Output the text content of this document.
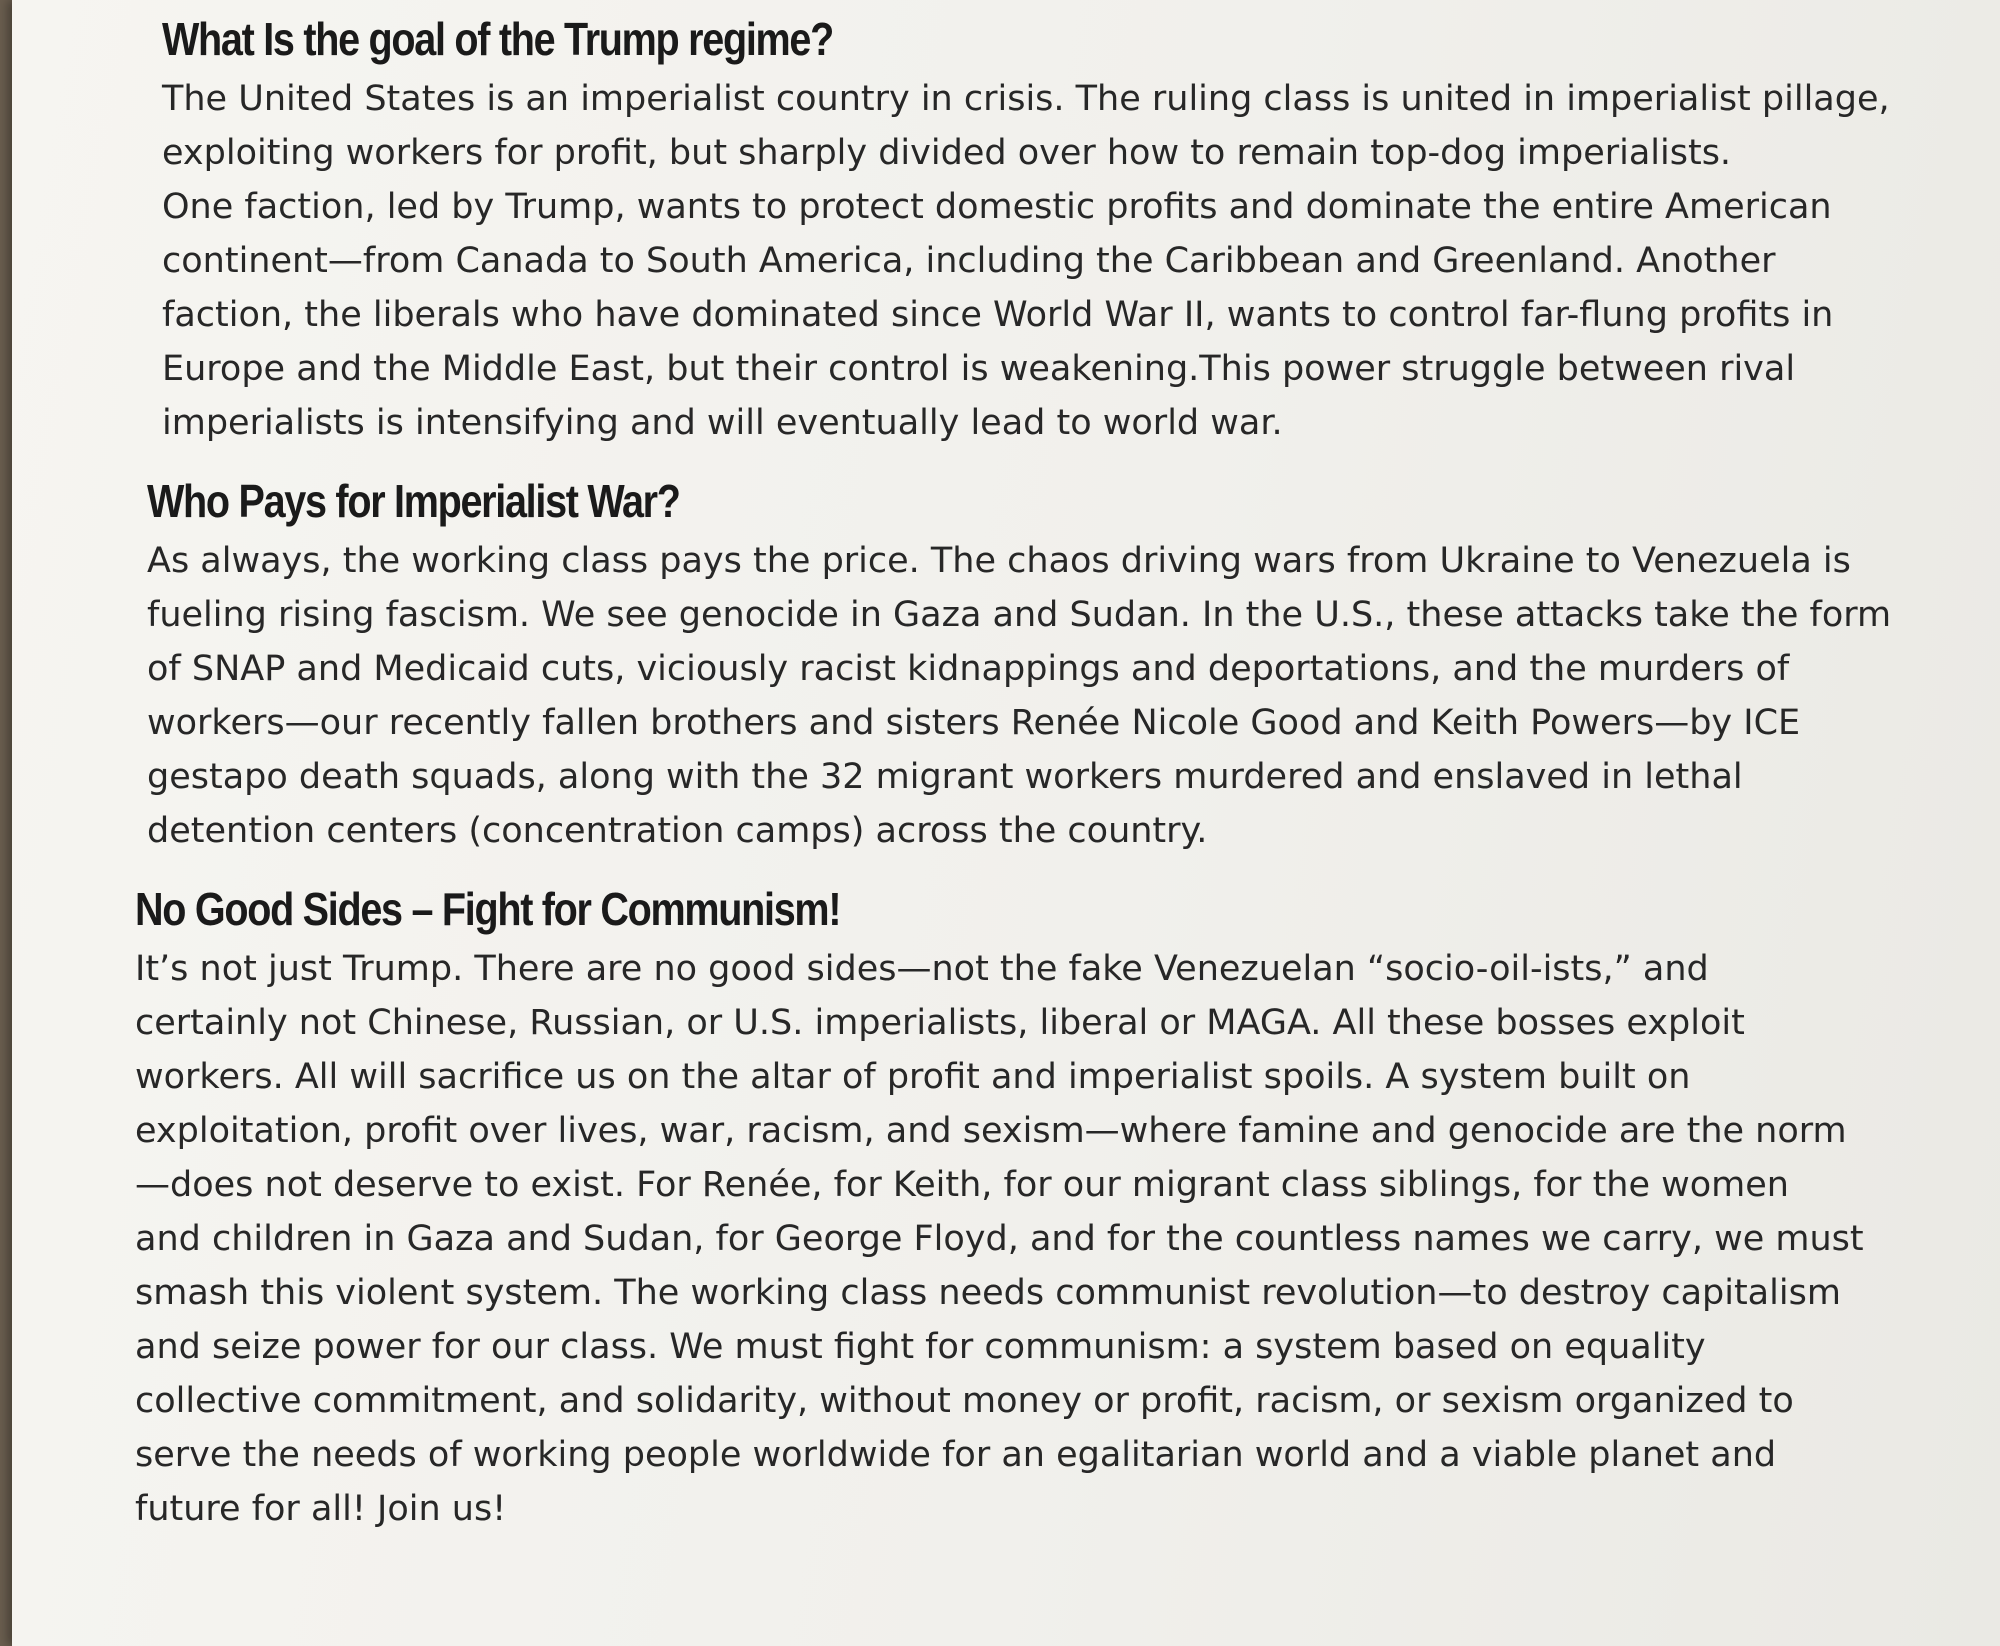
What Is the goal of the Trump regime?
The United States is an imperialist country in crisis. The ruling class is united in imperialist pillage,
exploiting workers for profit, but sharply divided over how to remain top-dog imperialists.
One faction, led by Trump, wants to protect domestic profits and dominate the entire American
continent—from Canada to South America, including the Caribbean and Greenland. Another
faction, the liberals who have dominated since World War II, wants to control far-flung profits in
Europe and the Middle East, but their control is weakening.This power struggle between rival
imperialists is intensifying and will eventually lead to world war.
Who Pays for Imperialist War?
As always, the working class pays the price. The chaos driving wars from Ukraine to Venezuela is
fueling rising fascism. We see genocide in Gaza and Sudan. In the U.S., these attacks take the form
of SNAP and Medicaid cuts, viciously racist kidnappings and deportations, and the murders of
workers—our recently fallen brothers and sisters Renée Nicole Good and Keith Powers—by ICE
gestapo death squads, along with the 32 migrant workers murdered and enslaved in lethal
detention centers (concentration camps) across the country.
No Good Sides – Fight for Communism!
It’s not just Trump. There are no good sides—not the fake Venezuelan “socio-oil-ists,” and
certainly not Chinese, Russian, or U.S. imperialists, liberal or MAGA. All these bosses exploit
workers. All will sacrifice us on the altar of profit and imperialist spoils. A system built on
exploitation, profit over lives, war, racism, and sexism—where famine and genocide are the norm
—does not deserve to exist. For Renée, for Keith, for our migrant class siblings, for the women
and children in Gaza and Sudan, for George Floyd, and for the countless names we carry, we must
smash this violent system. The working class needs communist revolution—to destroy capitalism
and seize power for our class. We must fight for communism: a system based on equality
collective commitment, and solidarity, without money or profit, racism, or sexism organized to
serve the needs of working people worldwide for an egalitarian world and a viable planet and
future for all! Join us!
